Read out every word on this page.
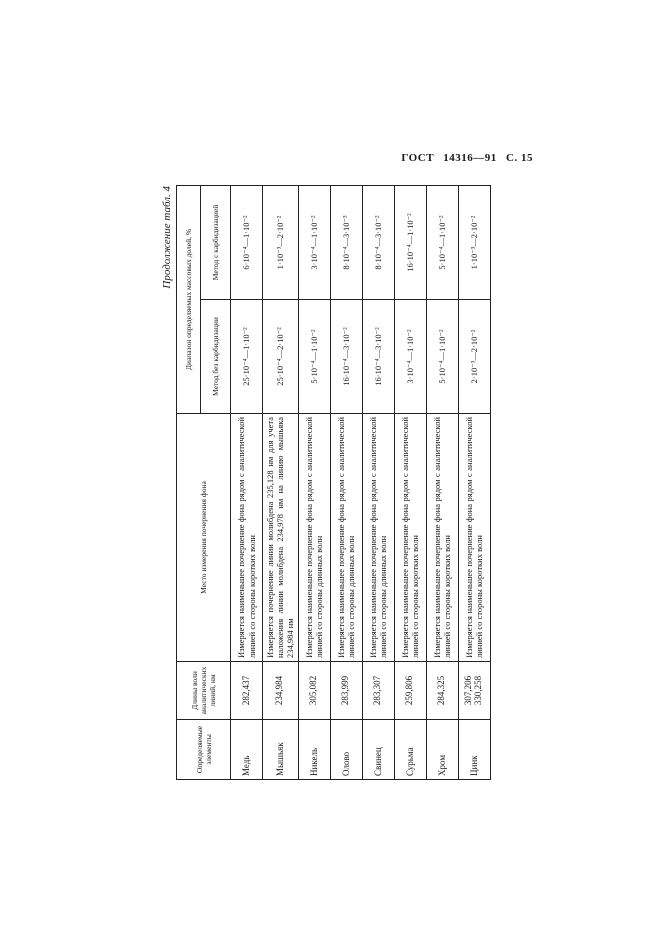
ГОСТ 14316—91 С. 15
Продолжение табл. 4
Определяемые элементы	Длины волн аналитических линий, нм	Место измерения почернения фона	Диапазон определяемых массовых долей, %	
			Метод без карбидизации	Метод с карбидизацией
Медь	282,437	Измеряется наименьшее почернение фона рядом с аналитической линией со стороны коротких волн	25·10⁻⁴—1·10⁻²	6·10⁻⁴—1·10⁻²
Мышьяк	234,984	Измеряется почернение линии молибдена 235,128 нм для учета наложения линии молибдена 234,978 нм на линию мышьяка 234,984 нм	25·10⁻⁴—2·10⁻²	1·10⁻³—2·10⁻²
Никель	305,082	Измеряется наименьшее почернение фона рядом с аналитической линией со стороны длинных волн	5·10⁻⁴—1·10⁻²	3·10⁻⁴—1·10⁻²
Олово	283,999	Измеряется наименьшее почернение фона рядом с аналитической линией со стороны длинных волн	16·10⁻⁴—3·10⁻²	8·10⁻⁴—3·10⁻³
Свинец	283,307	Измеряется наименьшее почернение фона рядом с аналитической линией со стороны длинных волн	16·10⁻⁴—3·10⁻²	8·10⁻⁴—3·10⁻²
Сурьма	259,806	Измеряется наименьшее почернение фона рядом с аналитической линией со стороны коротких волн	3·10⁻⁴—1·10⁻²	16·10⁻⁴—1·10⁻²
Хром	284,325	Измеряется наименьшее почернение фона рядом с аналитической линией со стороны коротких волн	5·10⁻⁴—1·10⁻²	5·10⁻⁴—1·10⁻²
Цинк	307,206 330,258	Измеряется наименьшее почернение фона рядом с аналитической линией со стороны коротких волн	2·10⁻³—2·10⁻²	1·10⁻³—2·10⁻²
